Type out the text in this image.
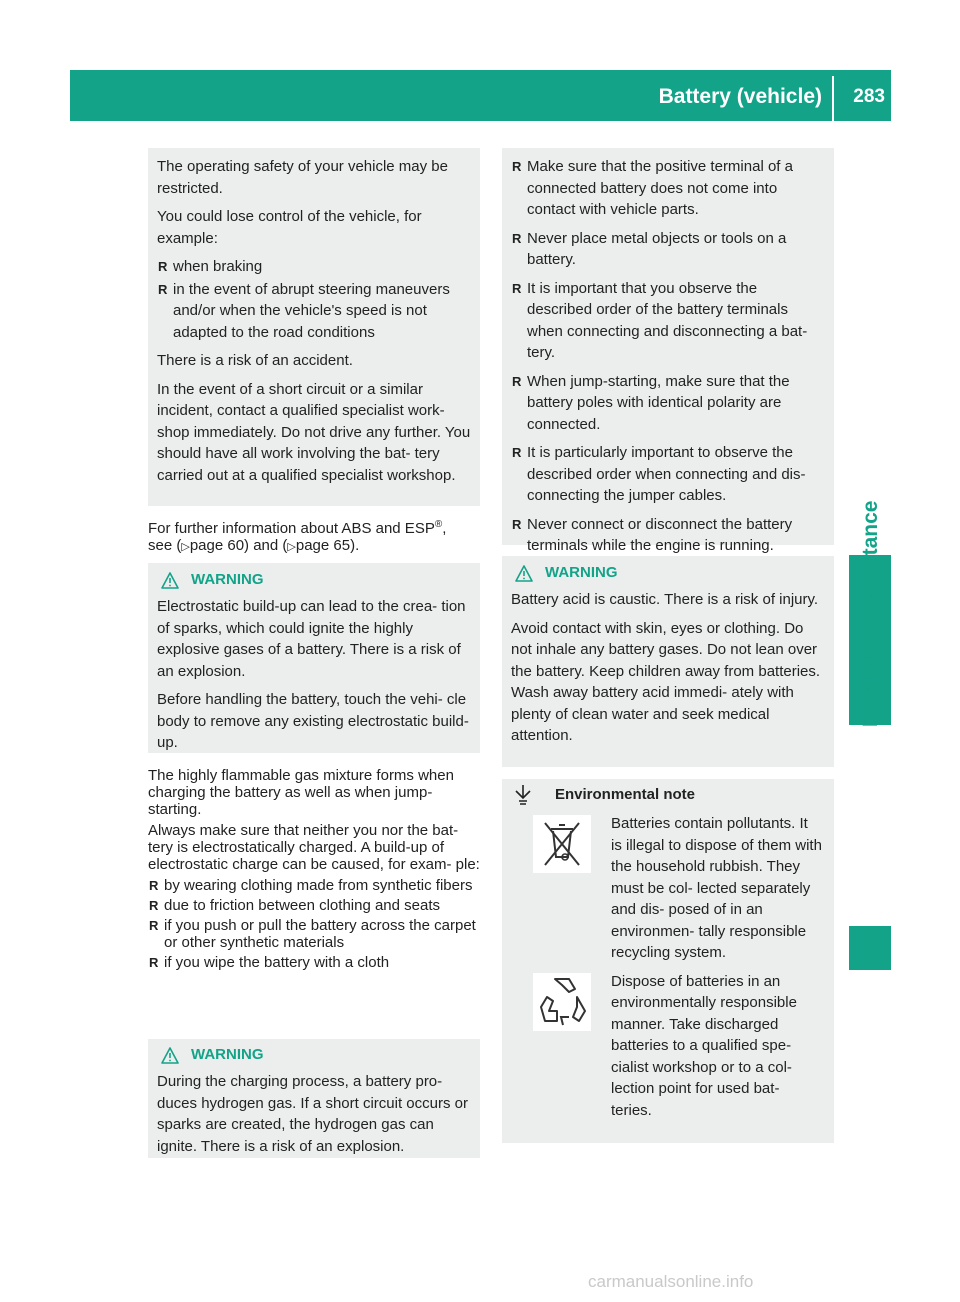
Battery (vehicle) 283
Breakdown assistance

The operating safety of your vehicle may be restricted.

You could lose control of the vehicle, for example:

R when braking
R in the event of abrupt steering maneuvers and/or when the vehicle's speed is not adapted to the road conditions

There is a risk of an accident.

In the event of a short circuit or a similar incident, contact a qualified specialist work- shop immediately. Do not drive any further. You should have all work involving the bat- tery carried out at a qualified specialist workshop.

For further information about ABS and ESP®,
see (▷page 60) and (▷page 65).

WARNING

Electrostatic build-up can lead to the crea- tion of sparks, which could ignite the highly explosive gases of a battery. There is a risk of an explosion.

Before handling the battery, touch the vehi- cle body to remove any existing electrostatic build-up.

The highly flammable gas mixture forms when charging the battery as well as when jump- starting.

Always make sure that neither you nor the bat- tery is electrostatically charged. A build-up of electrostatic charge can be caused, for exam- ple:

R by wearing clothing made from synthetic fibers
R due to friction between clothing and seats
R if you push or pull the battery across the carpet or other synthetic materials
R if you wipe the battery with a cloth
WARNING

During the charging process, a battery pro- duces hydrogen gas. If a short circuit occurs or sparks are created, the hydrogen gas can ignite. There is a risk of an explosion.

R Make sure that the positive terminal of a connected battery does not come into contact with vehicle parts.
R Never place metal objects or tools on a battery.
R It is important that you observe the described order of the battery terminals when connecting and disconnecting a bat- tery.
R When jump-starting, make sure that the battery poles with identical polarity are connected.
R It is particularly important to observe the described order when connecting and dis- connecting the jumper cables.
R Never connect or disconnect the battery terminals while the engine is running.
WARNING

Battery acid is caustic. There is a risk of injury.

Avoid contact with skin, eyes or clothing. Do not inhale any battery gases. Do not lean over the battery. Keep children away from batteries. Wash away battery acid immedi- ately with plenty of clean water and seek medical attention.

Environmental note

Batteries contain pollutants. It is illegal to dispose of them with the household rubbish. They must be col- lected separately and dis- posed of in an environmen- tally responsible recycling system.

Dispose of batteries in an environmentally responsible manner. Take discharged batteries to a qualified spe- cialist workshop or to a col- lection point for used bat- teries.

carmanualsonline.info
